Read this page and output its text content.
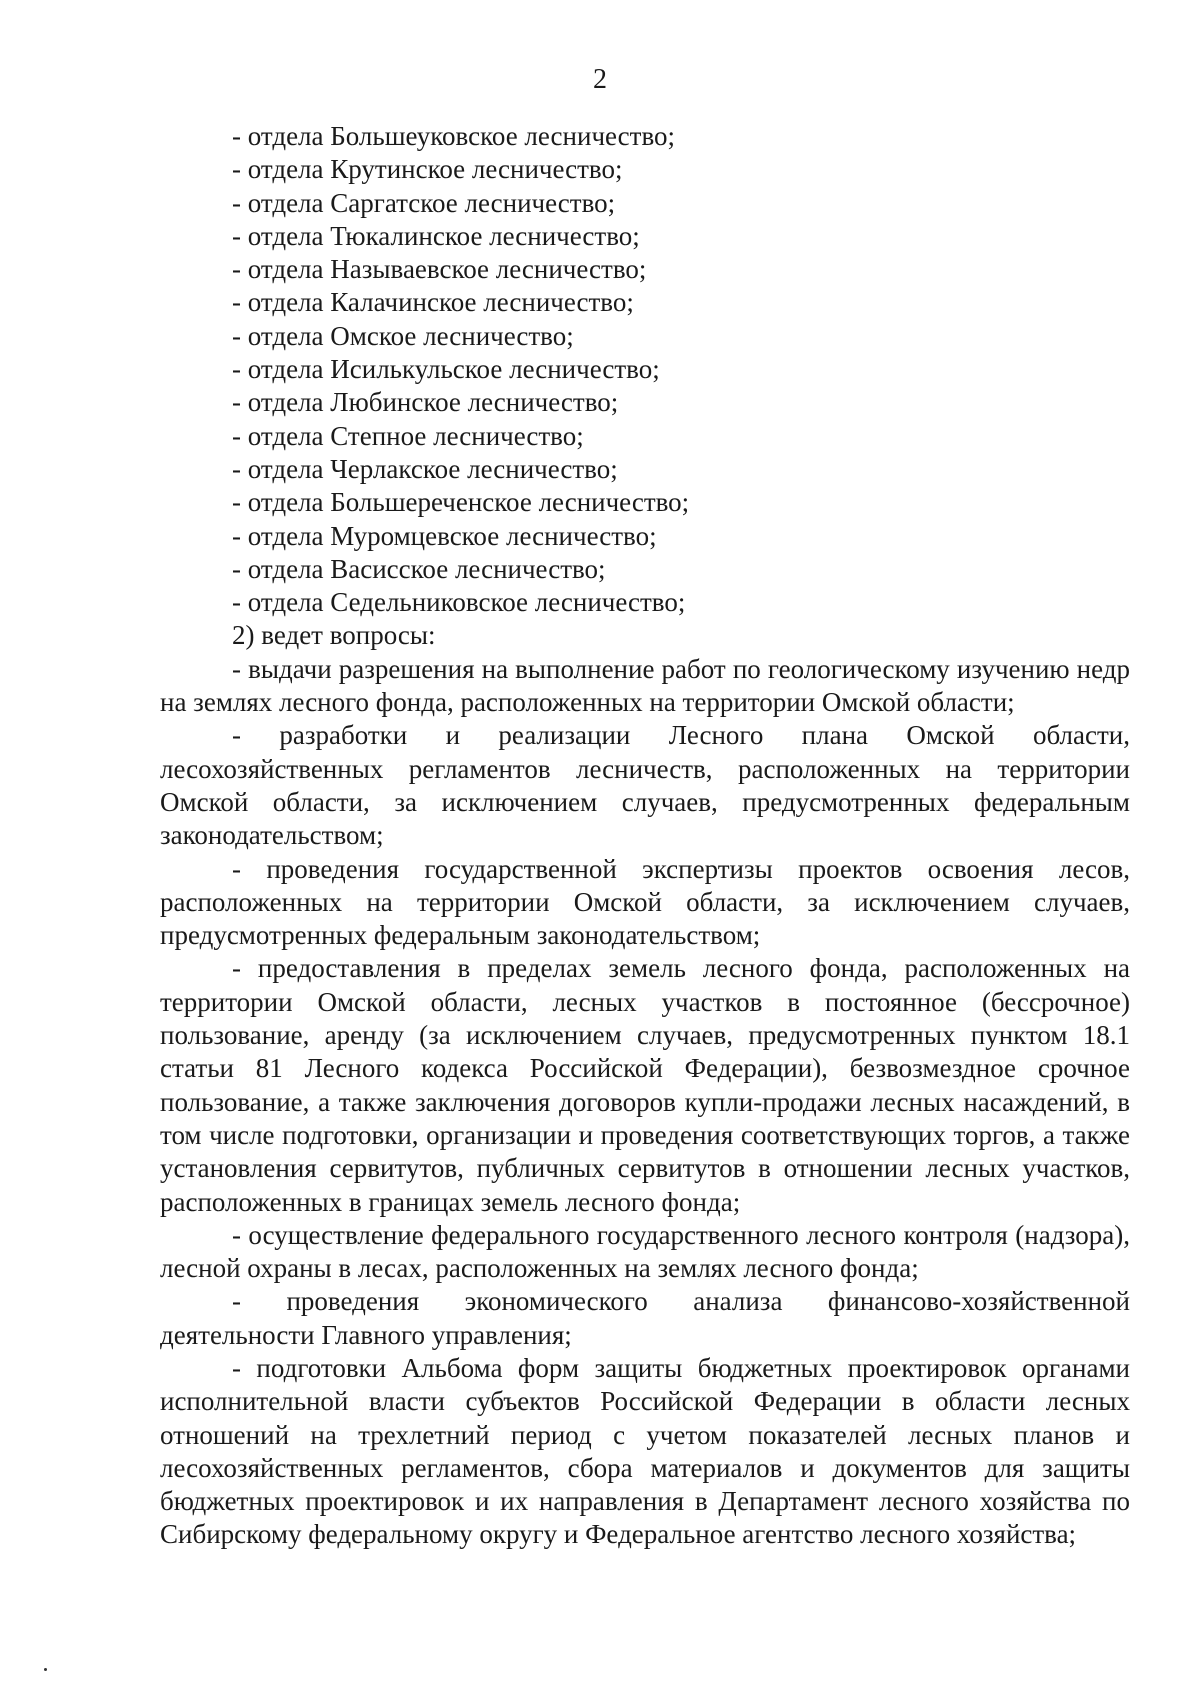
2

- отдела Большеуковское лесничество;

- отдела Крутинское лесничество;

- отдела Саргатское лесничество;

- отдела Тюкалинское лесничество;

- отдела Называевское лесничество;

- отдела Калачинское лесничество;

- отдела Омское лесничество;

- отдела Исилькульское лесничество;

- отдела Любинское лесничество;

- отдела Степное лесничество;

- отдела Черлакское лесничество;

- отдела Большереченское лесничество;

- отдела Муромцевское лесничество;

- отдела Васисское лесничество;

- отдела Седельниковское лесничество;

2) ведет вопросы:

- выдачи разрешения на выполнение работ по геологическому изучению недр на землях лесного фонда, расположенных на территории Омской области;

- разработки и реализации Лесного плана Омской области, лесохозяйственных регламентов лесничеств, расположенных на территории Омской области, за исключением случаев, предусмотренных федеральным законодательством;

- проведения государственной экспертизы проектов освоения лесов, расположенных на территории Омской области, за исключением случаев, предусмотренных федеральным законодательством;

- предоставления в пределах земель лесного фонда, расположенных на территории Омской области, лесных участков в постоянное (бессрочное) пользование, аренду (за исключением случаев, предусмотренных пунктом 18.1 статьи 81 Лесного кодекса Российской Федерации), безвозмездное срочное пользование, а также заключения договоров купли-продажи лесных насаждений, в том числе подготовки, организации и проведения соответствующих торгов, а также установления сервитутов, публичных сервитутов в отношении лесных участков, расположенных в границах земель лесного фонда;

- осуществление федерального государственного лесного контроля (надзора), лесной охраны в лесах, расположенных на землях лесного фонда;

- проведения экономического анализа финансово-хозяйственной деятельности Главного управления;

- подготовки Альбома форм защиты бюджетных проектировок органами исполнительной власти субъектов Российской Федерации в области лесных отношений на трехлетний период с учетом показателей лесных планов и лесохозяйственных регламентов, сбора материалов и документов для защиты бюджетных проектировок и их направления в Департамент лесного хозяйства по Сибирскому федеральному округу и Федеральное агентство лесного хозяйства;
